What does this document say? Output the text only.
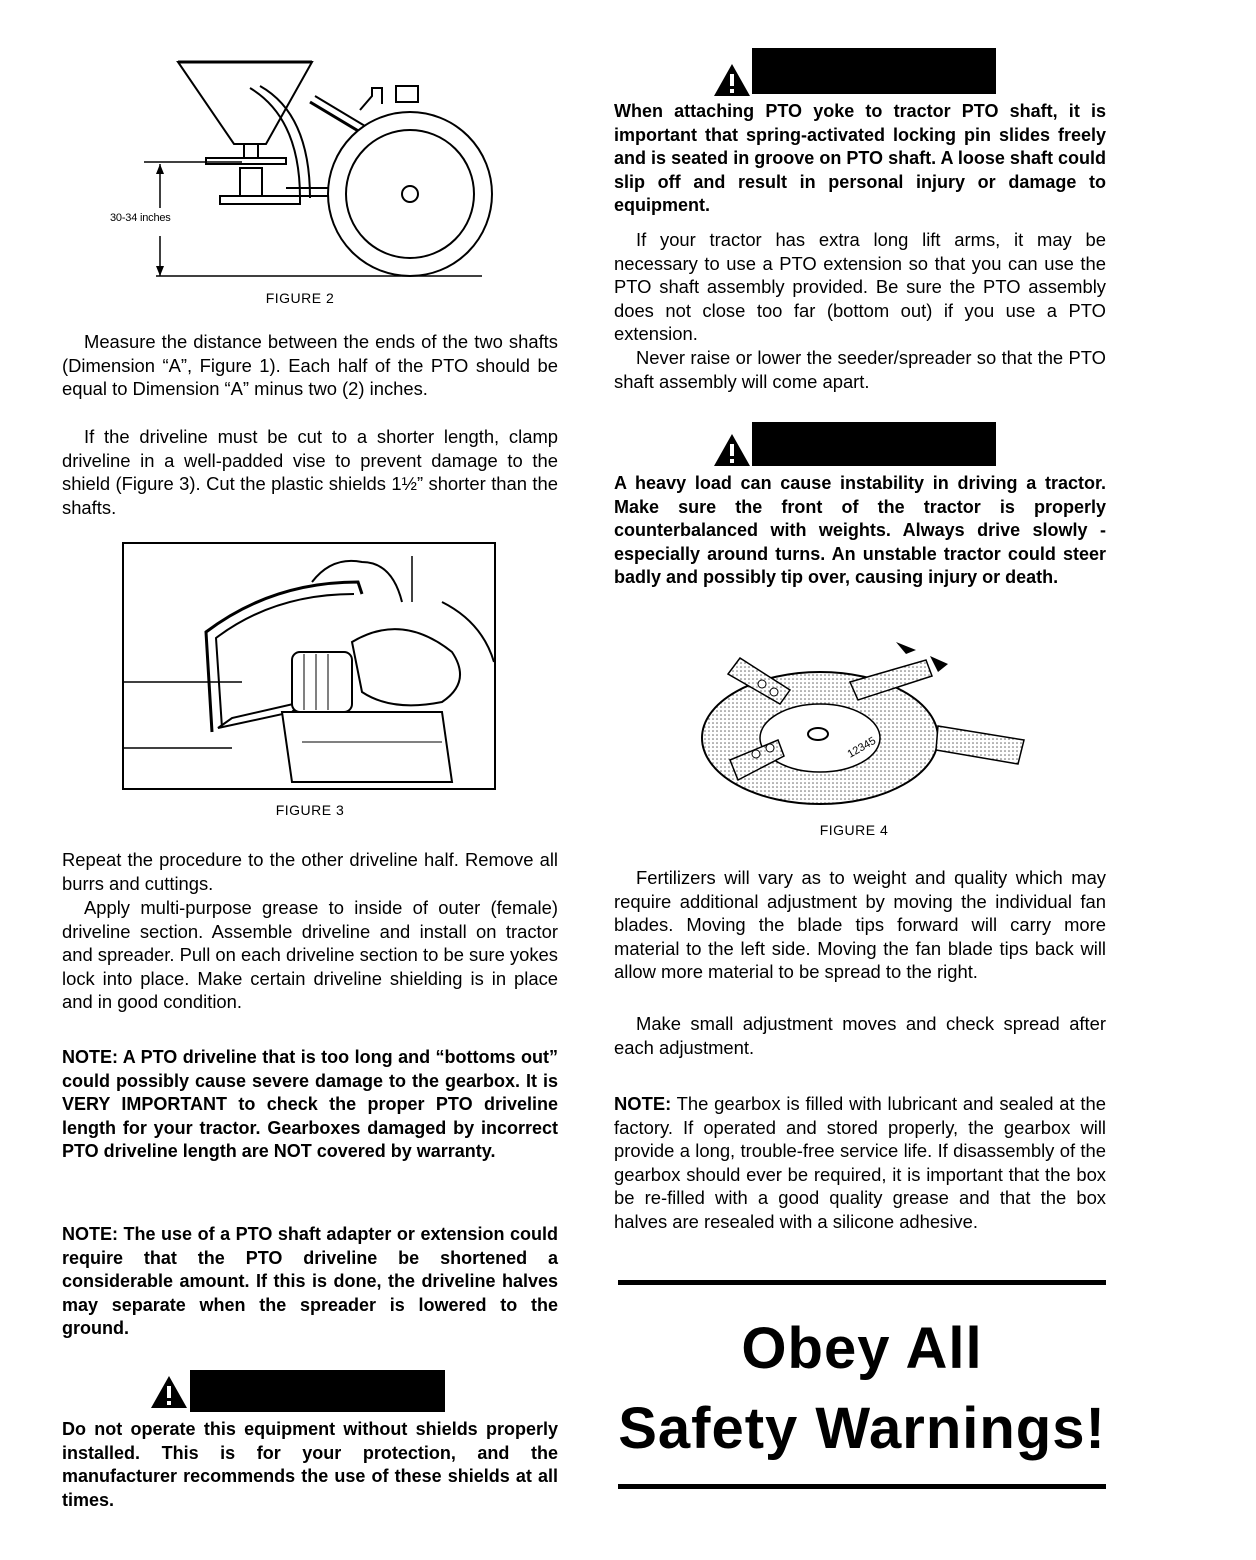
30-34 inches
FIGURE 2

Measure the distance between the ends of the two shafts (Dimension “A”, Figure 1). Each half of the PTO should be equal to Dimension “A” minus two (2) inches.

If the driveline must be cut to a shorter length, clamp driveline in a well-padded vise to prevent damage to the shield (Figure 3). Cut the plastic shields 1½” shorter than the shafts.

FIGURE 3

Repeat the procedure to the other driveline half. Remove all burrs and cuttings.

Apply multi-purpose grease to inside of outer (female) driveline section. Assemble driveline and install on tractor and spreader. Pull on each driveline section to be sure yokes lock into place. Make certain driveline shielding is in place and in good condition.

NOTE: A PTO driveline that is too long and “bottoms out” could possibly cause severe damage to the gearbox. It is VERY IMPORTANT to check the proper PTO driveline length for your tractor. Gearboxes damaged by incorrect PTO driveline length are NOT covered by warranty.

NOTE: The use of a PTO shaft adapter or extension could require that the PTO driveline be shortened a considerable amount. If this is done, the driveline halves may separate when the spreader is lowered to the ground.

Do not operate this equipment without shields properly installed. This is for your protection, and the manufacturer recommends the use of these shields at all times.

When attaching PTO yoke to tractor PTO shaft, it is important that spring-activated locking pin slides freely and is seated in groove on PTO shaft. A loose shaft could slip off and result in personal injury or damage to equipment.

If your tractor has extra long lift arms, it may be necessary to use a PTO extension so that you can use the PTO shaft assembly provided. Be sure the PTO assembly does not close too far (bottom out) if you use a PTO extension.

Never raise or lower the seeder/spreader so that the PTO shaft assembly will come apart.

A heavy load can cause instability in driving a tractor. Make sure the front of the tractor is properly counterbalanced with weights. Always drive slowly - especially around turns. An unstable tractor could steer badly and possibly tip over, causing injury or death.

12345
FIGURE 4

Fertilizers will vary as to weight and quality which may require additional adjustment by moving the individual fan blades. Moving the blade tips forward will carry more material to the left side. Moving the fan blade tips back will allow more material to be spread to the right.

Make small adjustment moves and check spread after each adjustment.

NOTE: The gearbox is filled with lubricant and sealed at the factory. If operated and stored properly, the gearbox will provide a long, trouble-free service life. If disassembly of the gearbox should ever be required, it is important that the box be re-filled with a good quality grease and that the box halves are resealed with a silicone adhesive.

Obey All
Safety Warnings!
